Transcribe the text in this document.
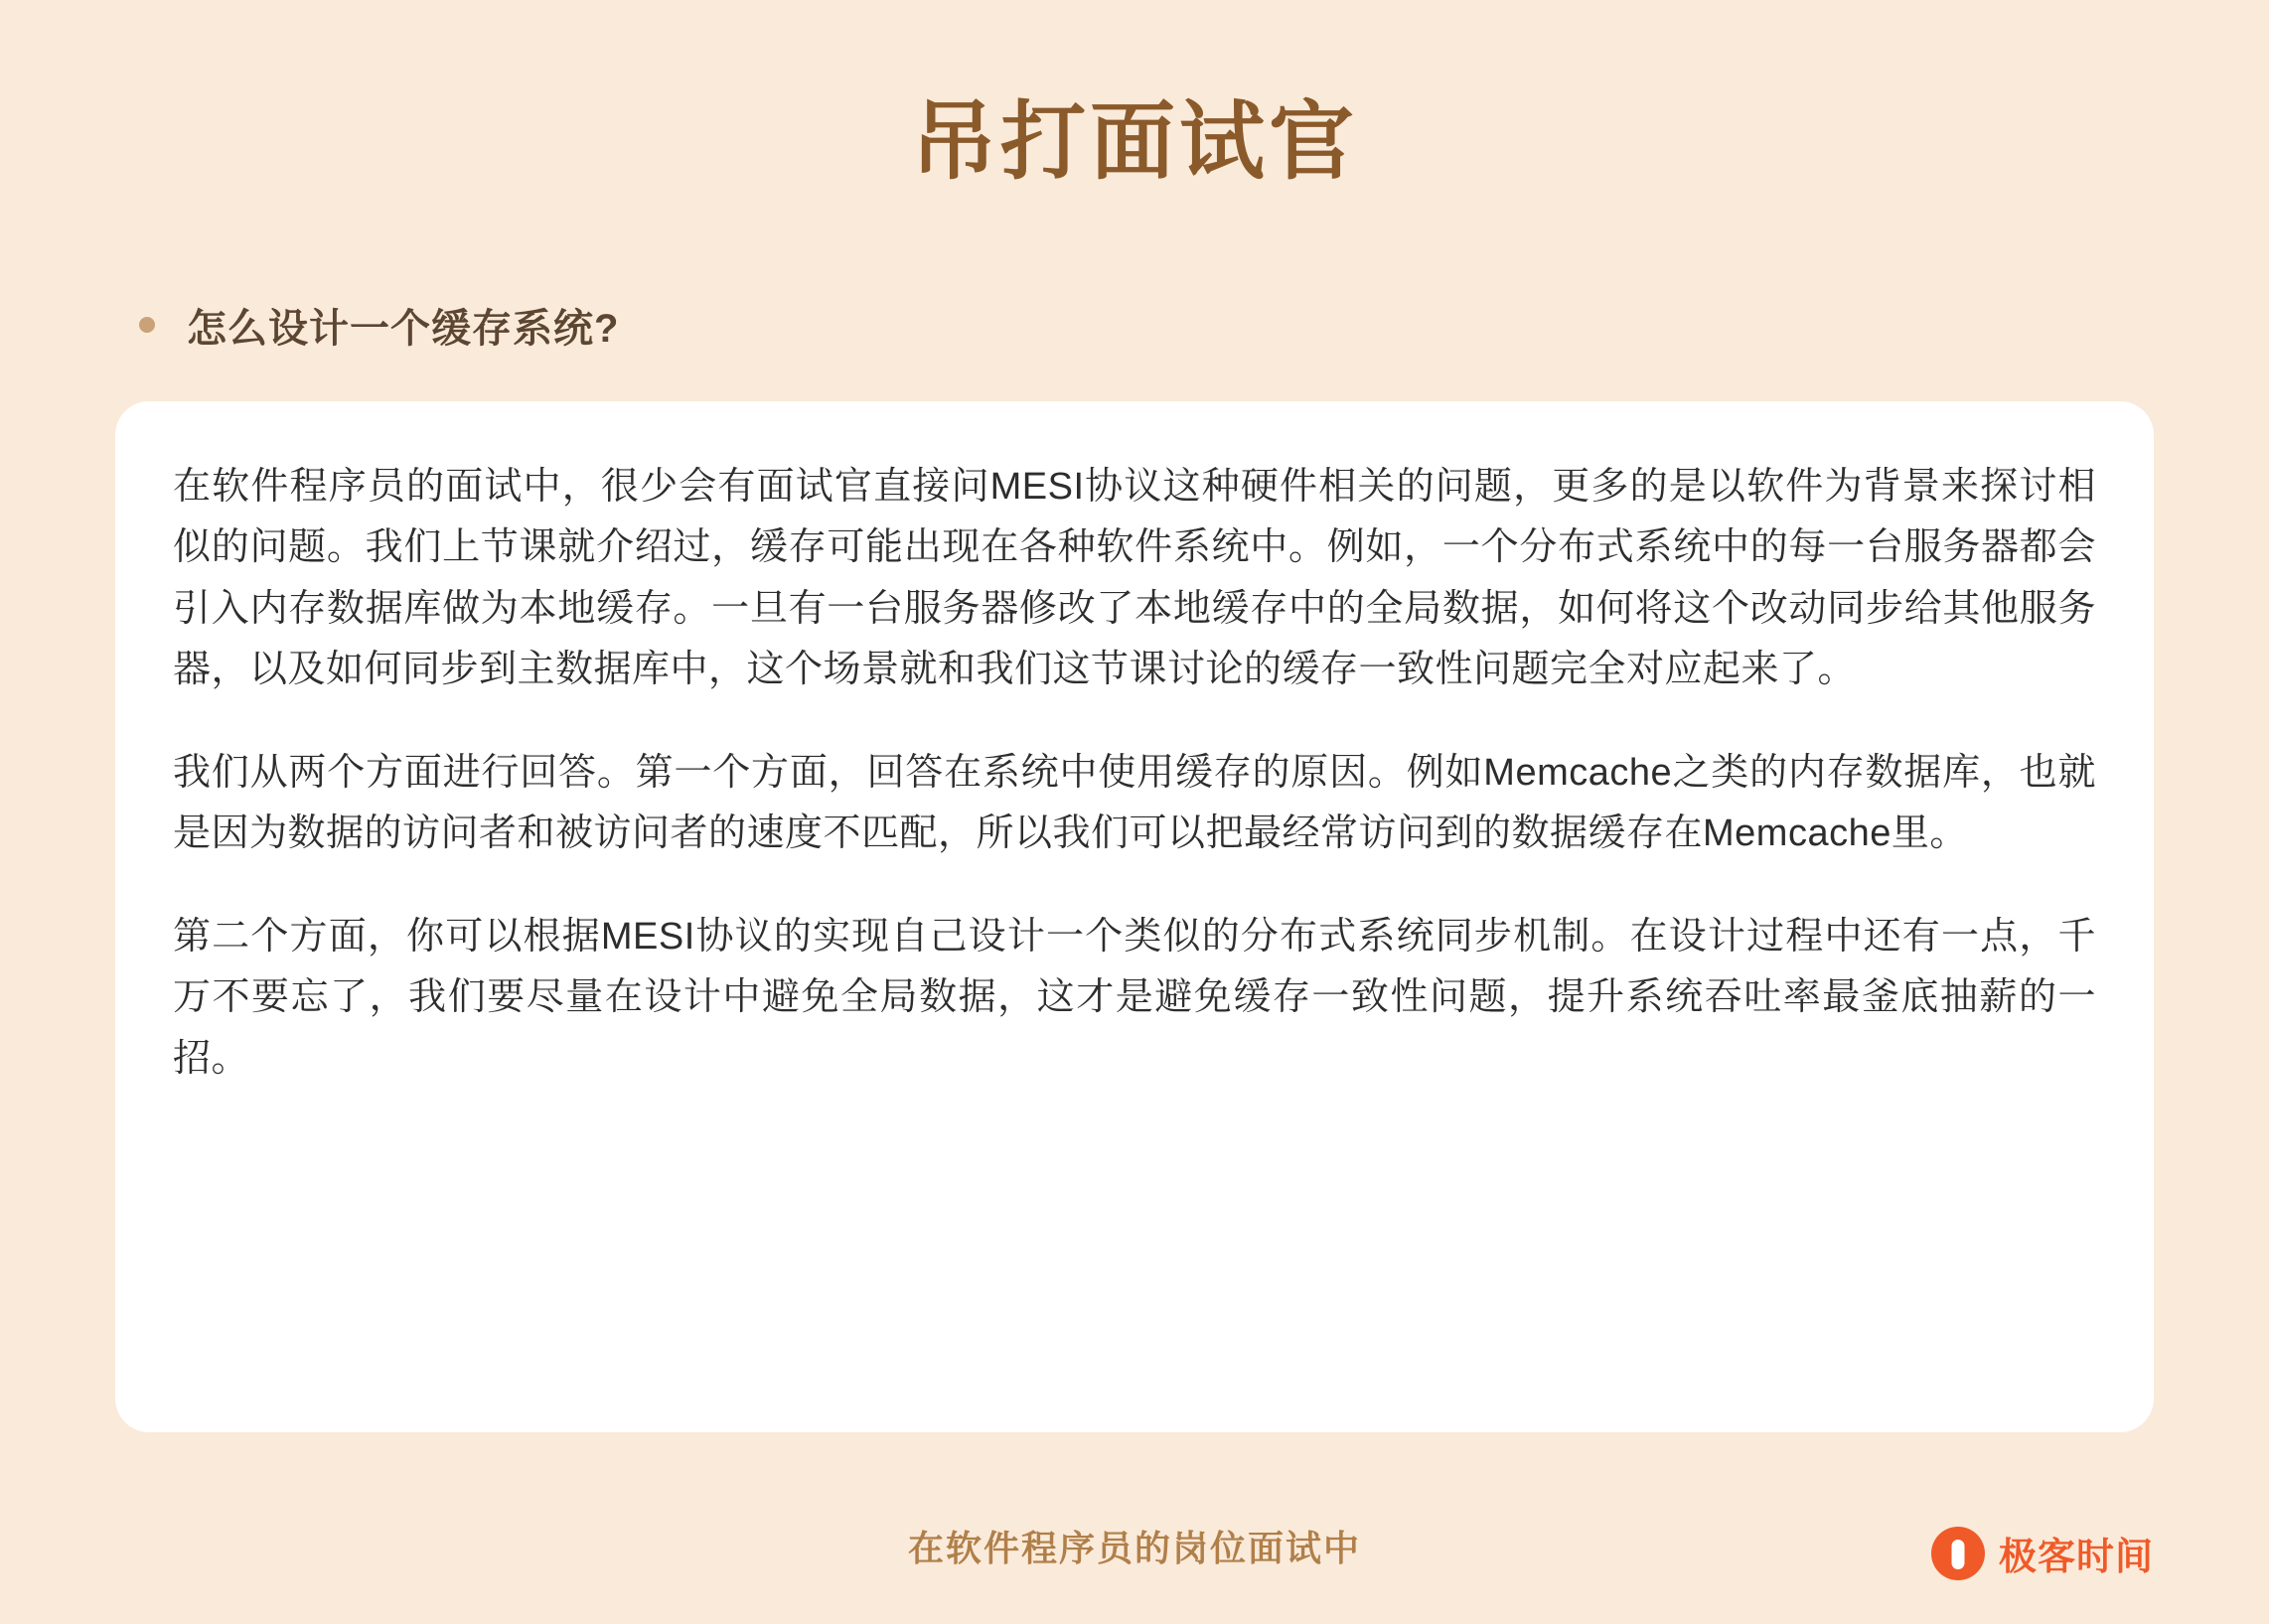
吊打面试官
怎么设计一个缓存系统?

在软件程序员的面试中，很少会有面试官直接问MESI协议这种硬件相关的问题，更多的是以软件为背景来探讨相似的问题。我们上节课就介绍过，缓存可能出现在各种软件系统中。例如，一个分布式系统中的每一台服务器都会引入内存数据库做为本地缓存。一旦有一台服务器修改了本地缓存中的全局数据，如何将这个改动同步给其他服务器，以及如何同步到主数据库中，这个场景就和我们这节课讨论的缓存一致性问题完全对应起来了。

我们从两个方面进行回答。第一个方面，回答在系统中使用缓存的原因。例如Memcache之类的内存数据库，也就是因为数据的访问者和被访问者的速度不匹配，所以我们可以把最经常访问到的数据缓存在Memcache里。

第二个方面，你可以根据MESI协议的实现自己设计一个类似的分布式系统同步机制。在设计过程中还有一点，千万不要忘了，我们要尽量在设计中避免全局数据，这才是避免缓存一致性问题，提升系统吞吐率最釜底抽薪的一招。

在软件程序员的岗位面试中	极客时间
